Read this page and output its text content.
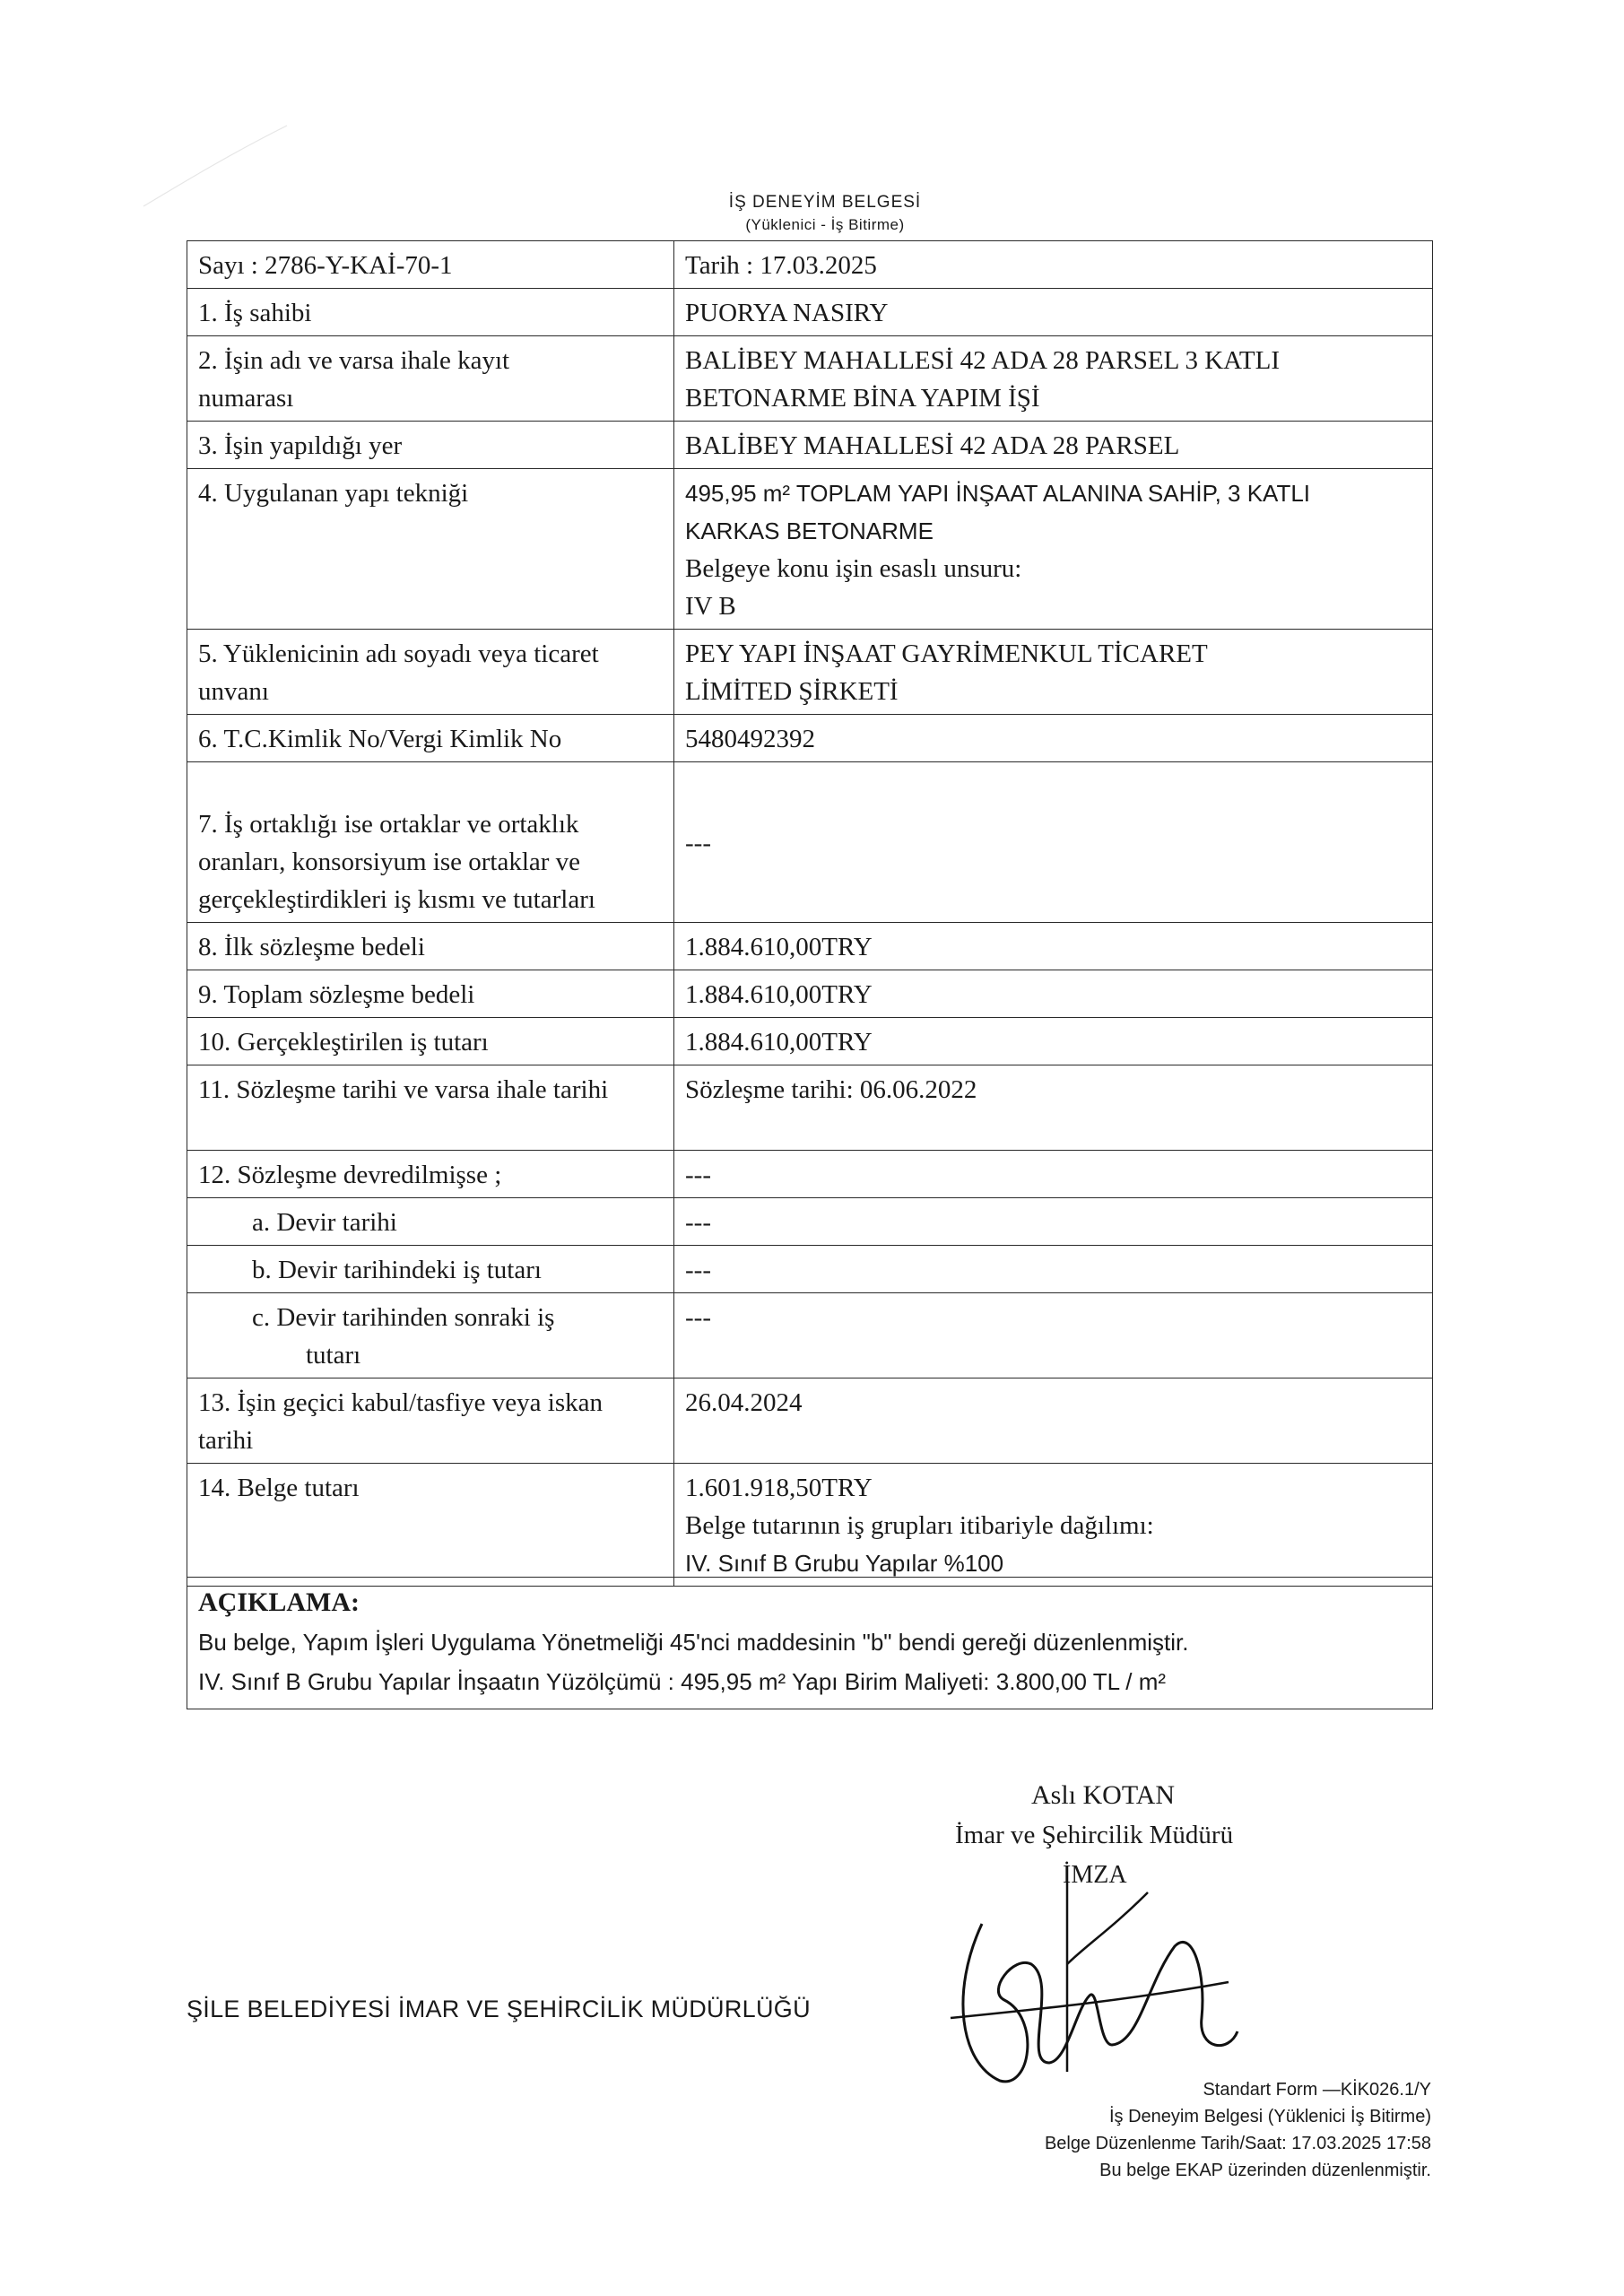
İŞ DENEYİM BELGESİ
(Yüklenici - İş Bitirme)
Sayı : 2786-Y-KAİ-70-1	Tarih : 17.03.2025

1. İş sahibi	PUORYA NASIRY

2. İşin adı ve varsa ihale kayıt
numarası	BALİBEY MAHALLESİ 42 ADA 28 PARSEL 3 KATLI
BETONARME BİNA YAPIM İŞİ

3. İşin yapıldığı yer	BALİBEY MAHALLESİ 42 ADA 28 PARSEL

4. Uygulanan yapı tekniği	495,95 m² TOPLAM YAPI İNŞAAT ALANINA SAHİP, 3 KATLI
KARKAS BETONARME
Belgeye konu işin esaslı unsuru:
IV B

5. Yüklenicinin adı soyadı veya ticaret
unvanı	PEY YAPI İNŞAAT GAYRİMENKUL TİCARET
LİMİTED ŞİRKETİ

6. T.C.Kimlik No/Vergi Kimlik No	5480492392

7. İş ortaklığı ise ortaklar ve ortaklık
oranları, konsorsiyum ise ortaklar ve
gerçekleştirdikleri iş kısmı ve tutarları	---

8. İlk sözleşme bedeli	1.884.610,00TRY

9. Toplam sözleşme bedeli	1.884.610,00TRY

10. Gerçekleştirilen iş tutarı	1.884.610,00TRY

11. Sözleşme tarihi ve varsa ihale tarihi	Sözleşme tarihi: 06.06.2022

12. Sözleşme devredilmişse ;	---

a. Devir tarihi	---

b. Devir tarihindeki iş tutarı	---

c. Devir tarihinden sonraki iş
tutarı	---

13. İşin geçici kabul/tasfiye veya iskan
tarihi	26.04.2024

14. Belge tutarı	1.601.918,50TRY
Belge tutarının iş grupları itibariyle dağılımı:
IV. Sınıf B Grubu Yapılar %100
AÇIKLAMA:
Bu belge, Yapım İşleri Uygulama Yönetmeliği 45'nci maddesinin "b" bendi gereği düzenlenmiştir.
IV. Sınıf B Grubu Yapılar İnşaatın Yüzölçümü : 495,95 m² Yapı Birim Maliyeti: 3.800,00 TL / m²
Aslı KOTAN
İmar ve Şehircilik Müdürü
İMZA
ŞİLE BELEDİYESİ İMAR VE ŞEHİRCİLİK MÜDÜRLÜĞÜ
Standart Form —KİK026.1/Y
İş Deneyim Belgesi (Yüklenici İş Bitirme)
Belge Düzenlenme Tarih/Saat: 17.03.2025 17:58
Bu belge EKAP üzerinden düzenlenmiştir.
